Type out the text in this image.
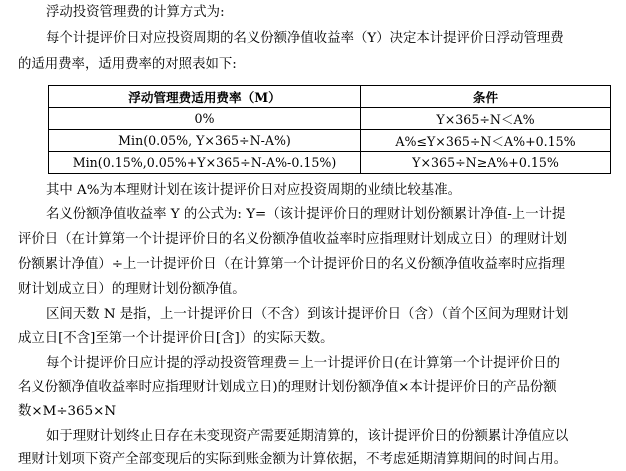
浮动投资管理费的计算方式为:
每个计提评价日对应投资周期的名义份额净值收益率（Y）决定本计提评价日浮动管理费
的适用费率，适用费率的对照表如下:
浮动管理费适用费率（M）	条件
0%	Y×365÷N＜A%
Min(0.05%, Y×365÷N-A%)	A%≤Y×365÷N＜A%+0.15%
Min(0.15%,0.05%+Y×365÷N-A%-0.15%)	Y×365÷N≥A%+0.15%
其中 A%为本理财计划在该计提评价日对应投资周期的业绩比较基准。
名义份额净值收益率 Y 的公式为: Y=（该计提评价日的理财计划份额累计净值-上一计提
评价日（在计算第一个计提评价日的名义份额净值收益率时应指理财计划成立日）的理财计划
份额累计净值）÷上一计提评价日（在计算第一个计提评价日的名义份额净值收益率时应指理
财计划成立日）的理财计划份额净值。
区间天数 N 是指，上一计提评价日（不含）到该计提评价日（含）（首个区间为理财计划
成立日[不含]至第一个计提评价日[含]）的实际天数。
每个计提评价日应计提的浮动投资管理费＝上一计提评价日(在计算第一个计提评价日的
名义份额净值收益率时应指理财计划成立日)的理财计划份额净值×本计提评价日的产品份额
数×M÷365×N
如于理财计划终止日存在未变现资产需要延期清算的，该计提评价日的份额累计净值应以
理财计划项下资产全部变现后的实际到账金额为计算依据，不考虑延期清算期间的时间占用。
